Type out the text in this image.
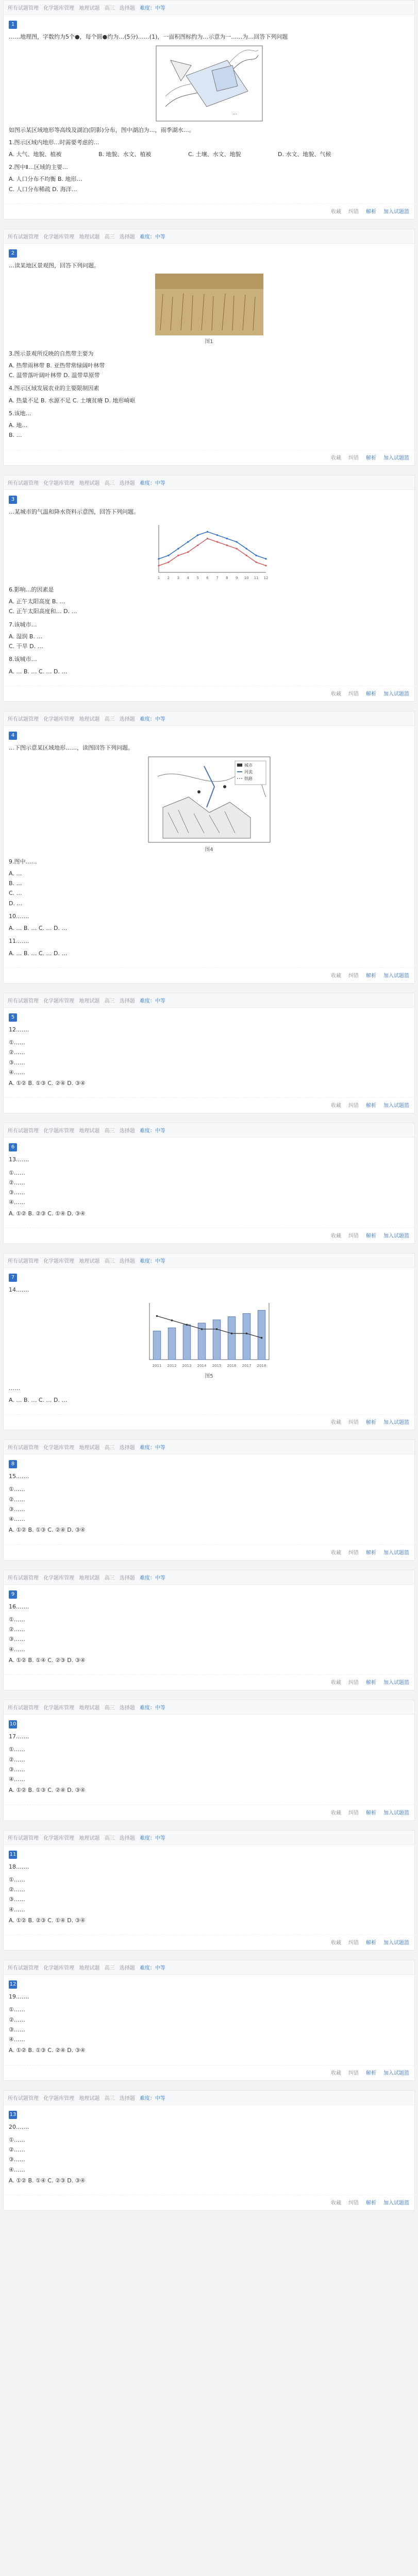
所有试题管理 化学题库管理 地理试题 高三 选择题 难度：中等
1
……地理图，字数约为5个●，每个圆●约为…(5分)……(1)，一面积图标约为…示意为一……为…回答下列问题
…
如图示某区域地形等高线及湖泊(阴影)分布，图中湖泊为…，雨季湖水…。
1.图示区域内地形…时需要考虑的…
A. 大气、地貌、植被	B. 地貌、水文、植被	C. 土壤、水文、地貌	D. 水文、地貌、气候
2.图中Ⅱ…区域的主要…
A. 人口分布不均衡 B. 地形…
C. 人口分布稀疏 D. 海洋…
收藏 纠错 解析 加入试题篮
所有试题管理 化学题库管理 地理试题 高三 选择题 难度：中等
2
…读某地区景观图，回答下列问题。
图1
3.图示景观所反映的自然带主要为
A. 热带雨林带 B. 亚热带常绿阔叶林带
C. 温带落叶阔叶林带 D. 温带草原带
4.图示区域发展农业的主要限制因素
A. 热量不足 B. 水源不足 C. 土壤贫瘠 D. 地形崎岖
5.该地…
A. 地…
B. …
收藏 纠错 解析 加入试题篮
所有试题管理 化学题库管理 地理试题 高三 选择题 难度：中等
3
…某城市的气温和降水资料示意图，回答下列问题。
1 2 3 4 5 6 7 8 9 10 11 12
6.影响…的因素是
A. 正午太阳高度 B. …
C. 正午太阳高度和… D. …
7.该城市…
A. 湿润 B. …
C. 干旱 D. …
8.该城市…
A. … B. … C. … D. …
收藏 纠错 解析 加入试题篮
所有试题管理 化学题库管理 地理试题 高三 选择题 难度：中等
4
…下图示意某区域地形……，读图回答下列问题。
城市
河流
铁路
图4
9.图中……
A. …
B. …
C. …
D. …
10.……
A. … B. … C. … D. …
11.……
A. … B. … C. … D. …
收藏 纠错 解析 加入试题篮
所有试题管理 化学题库管理 地理试题 高三 选择题 难度：中等
5
12.……
①……
②……
③……
④……
A. ①② B. ①③ C. ②④ D. ③④
收藏 纠错 解析 加入试题篮
所有试题管理 化学题库管理 地理试题 高三 选择题 难度：中等
6
13.……
①……
②……
③……
④……
A. ①② B. ②③ C. ①④ D. ③④
收藏 纠错 解析 加入试题篮
所有试题管理 化学题库管理 地理试题 高三 选择题 难度：中等
7
14.……
2011 2012 2013 2014 2015 2016 2017 2018
图5
……
A. … B. … C. … D. …
收藏 纠错 解析 加入试题篮
所有试题管理 化学题库管理 地理试题 高三 选择题 难度：中等
8
15.……
①……
②……
③……
④……
A. ①② B. ①③ C. ②④ D. ③④
收藏 纠错 解析 加入试题篮
所有试题管理 化学题库管理 地理试题 高三 选择题 难度：中等
9
16.……
①……
②……
③……
④……
A. ①② B. ①④ C. ②③ D. ③④
收藏 纠错 解析 加入试题篮
所有试题管理 化学题库管理 地理试题 高三 选择题 难度：中等
10
17.……
①……
②……
③……
④……
A. ①② B. ①③ C. ②④ D. ③④
收藏 纠错 解析 加入试题篮
所有试题管理 化学题库管理 地理试题 高三 选择题 难度：中等
11
18.……
①……
②……
③……
④……
A. ①② B. ②③ C. ①④ D. ③④
收藏 纠错 解析 加入试题篮
所有试题管理 化学题库管理 地理试题 高三 选择题 难度：中等
12
19.……
①……
②……
③……
④……
A. ①② B. ①③ C. ②④ D. ③④
收藏 纠错 解析 加入试题篮
所有试题管理 化学题库管理 地理试题 高三 选择题 难度：中等
13
20.……
①……
②……
③……
④……
A. ①② B. ①④ C. ②③ D. ③④
收藏 纠错 解析 加入试题篮
